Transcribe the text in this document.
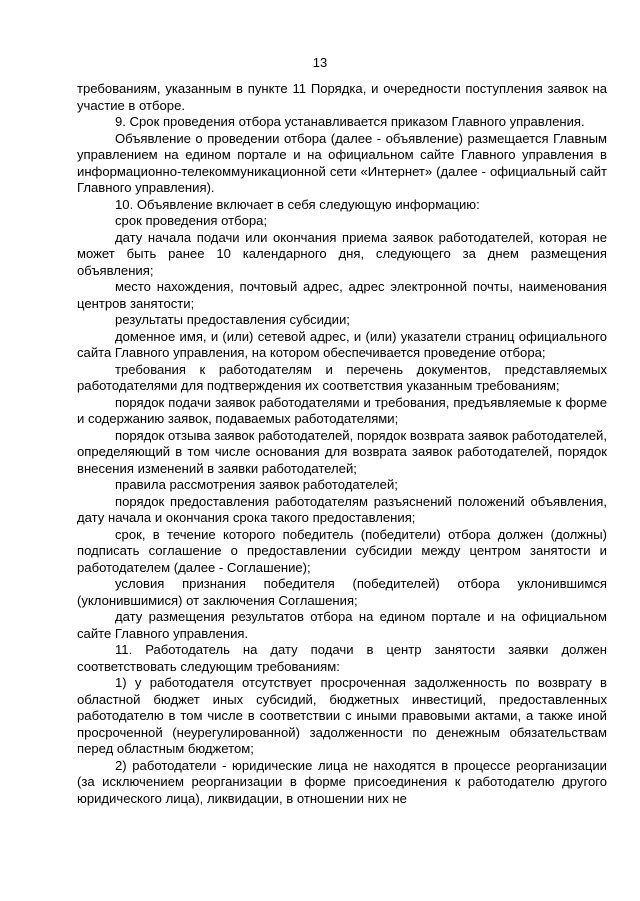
13

требованиям, указанным в пункте 11 Порядка, и очередности поступления заявок на участие в отборе.

9. Срок проведения отбора устанавливается приказом Главного управления.

Объявление о проведении отбора (далее - объявление) размещается Главным управлением на едином портале и на официальном сайте Главного управления в информационно-телекоммуникационной сети «Интернет» (далее - официальный сайт Главного управления).

10. Объявление включает в себя следующую информацию:

срок проведения отбора;

дату начала подачи или окончания приема заявок работодателей, которая не может быть ранее 10 календарного дня, следующего за днем размещения объявления;

место нахождения, почтовый адрес, адрес электронной почты, наименования центров занятости;

результаты предоставления субсидии;

доменное имя, и (или) сетевой адрес, и (или) указатели страниц официального сайта Главного управления, на котором обеспечивается проведение отбора;

требования к работодателям и перечень документов, представляемых работодателями для подтверждения их соответствия указанным требованиям;

порядок подачи заявок работодателями и требования, предъявляемые к форме и содержанию заявок, подаваемых работодателями;

порядок отзыва заявок работодателей, порядок возврата заявок работодателей, определяющий в том числе основания для возврата заявок работодателей, порядок внесения изменений в заявки работодателей;

правила рассмотрения заявок работодателей;

порядок предоставления работодателям разъяснений положений объявления, дату начала и окончания срока такого предоставления;

срок, в течение которого победитель (победители) отбора должен (должны) подписать соглашение о предоставлении субсидии между центром занятости и работодателем (далее - Соглашение);

условия признания победителя (победителей) отбора уклонившимся (уклонившимися) от заключения Соглашения;

дату размещения результатов отбора на едином портале и на официальном сайте Главного управления.

11. Работодатель на дату подачи в центр занятости заявки должен соответствовать следующим требованиям:

1) у работодателя отсутствует просроченная задолженность по возврату в областной бюджет иных субсидий, бюджетных инвестиций, предоставленных работодателю в том числе в соответствии с иными правовыми актами, а также иной просроченной (неурегулированной) задолженности по денежным обязательствам перед областным бюджетом;

2) работодатели - юридические лица не находятся в процессе реорганизации (за исключением реорганизации в форме присоединения к работодателю другого юридического лица), ликвидации, в отношении них не
